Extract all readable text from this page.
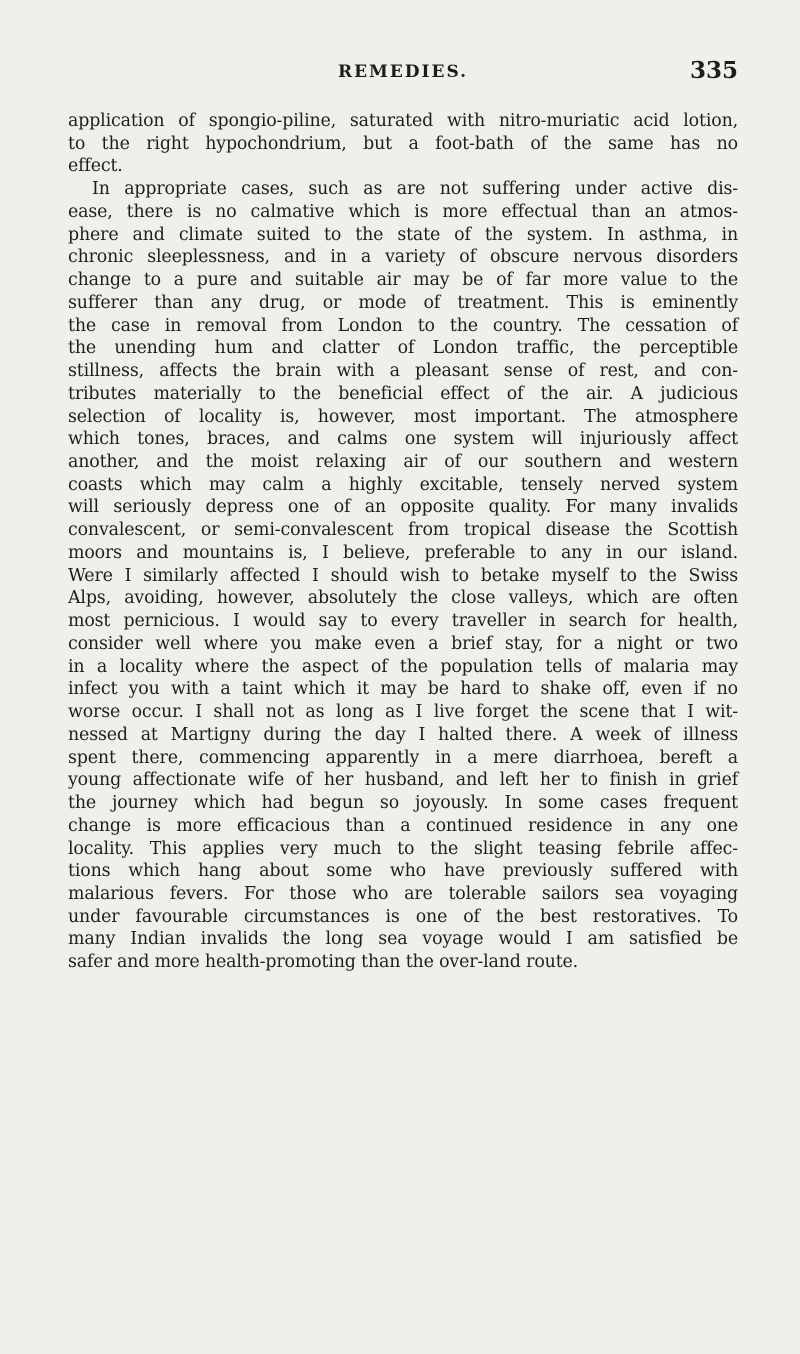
REMEDIES.	335
application of spongio-piline, saturated with nitro-muriatic acid lotion,
to the right hypochondrium, but a foot-bath of the same has no
effect.
In appropriate cases, such as are not suffering under active dis-
ease, there is no calmative which is more effectual than an atmos-
phere and climate suited to the state of the system. In asthma, in
chronic sleeplessness, and in a variety of obscure nervous disorders
change to a pure and suitable air may be of far more value to the
sufferer than any drug, or mode of treatment. This is eminently
the case in removal from London to the country. The cessation of
the unending hum and clatter of London traffic, the perceptible
stillness, affects the brain with a pleasant sense of rest, and con-
tributes materially to the beneficial effect of the air. A judicious
selection of locality is, however, most important. The atmosphere
which tones, braces, and calms one system will injuriously affect
another, and the moist relaxing air of our southern and western
coasts which may calm a highly excitable, tensely nerved system
will seriously depress one of an opposite quality. For many invalids
convalescent, or semi-convalescent from tropical disease the Scottish
moors and mountains is, I believe, preferable to any in our island.
Were I similarly affected I should wish to betake myself to the Swiss
Alps, avoiding, however, absolutely the close valleys, which are often
most pernicious. I would say to every traveller in search for health,
consider well where you make even a brief stay, for a night or two
in a locality where the aspect of the population tells of malaria may
infect you with a taint which it may be hard to shake off, even if no
worse occur. I shall not as long as I live forget the scene that I wit-
nessed at Martigny during the day I halted there. A week of illness
spent there, commencing apparently in a mere diarrhoea, bereft a
young affectionate wife of her husband, and left her to finish in grief
the journey which had begun so joyously. In some cases frequent
change is more efficacious than a continued residence in any one
locality. This applies very much to the slight teasing febrile affec-
tions which hang about some who have previously suffered with
malarious fevers. For those who are tolerable sailors sea voyaging
under favourable circumstances is one of the best restoratives. To
many Indian invalids the long sea voyage would I am satisfied be
safer and more health-promoting than the over-land route.
